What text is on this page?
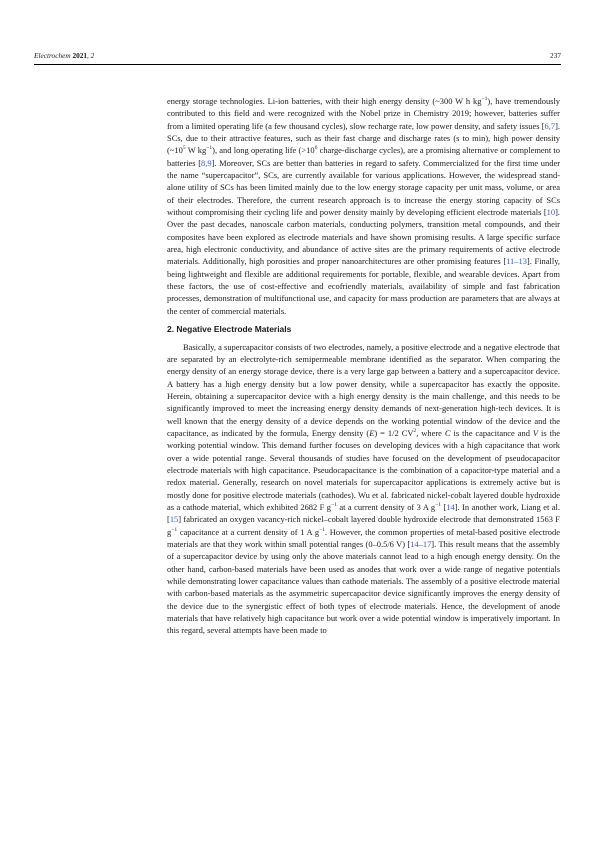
Electrochem 2021, 2	237

energy storage technologies. Li-ion batteries, with their high energy density (~300 W h $kg^{-1}$), have tremendously contributed to this field and were recognized with the Nobel prize in Chemistry 2019; however, batteries suffer from a limited operating life (a few thousand cycles), slow recharge rate, low power density, and safety issues [6,7]. SCs, due to their attractive features, such as their fast charge and discharge rates (s to min), high power density ($\sim 10^5$ W $kg^{-1}$), and long operating life ($>10^6$ charge-discharge cycles), are a promising alternative or complement to batteries [8,9]. Moreover, SCs are better than batteries in regard to safety. Commercialized for the first time under the name “supercapacitor”, SCs, are currently available for various applications. However, the widespread stand-alone utility of SCs has been limited mainly due to the low energy storage capacity per unit mass, volume, or area of their electrodes. Therefore, the current research approach is to increase the energy storing capacity of SCs without compromising their cycling life and power density mainly by developing efficient electrode materials [10]. Over the past decades, nanoscale carbon materials, conducting polymers, transition metal compounds, and their composites have been explored as electrode materials and have shown promising results. A large specific surface area, high electronic conductivity, and abundance of active sites are the primary requirements of active electrode materials. Additionally, high porosities and proper nanoarchitectures are other promising features [11–13]. Finally, being lightweight and flexible are additional requirements for portable, flexible, and wearable devices. Apart from these factors, the use of cost-effective and ecofriendly materials, availability of simple and fast fabrication processes, demonstration of multifunctional use, and capacity for mass production are parameters that are always at the center of commercial materials.

2. Negative Electrode Materials

Basically, a supercapacitor consists of two electrodes, namely, a positive electrode and a negative electrode that are separated by an electrolyte-rich semipermeable membrane identified as the separator. When comparing the energy density of an energy storage device, there is a very large gap between a battery and a supercapacitor device. A battery has a high energy density but a low power density, while a supercapacitor has exactly the opposite. Herein, obtaining a supercapacitor device with a high energy density is the main challenge, and this needs to be significantly improved to meet the increasing energy density demands of next-generation high-tech devices. It is well known that the energy density of a device depends on the working potential window of the device and the capacitance, as indicated by the formula, Energy density (E) = 1/2 $CV^2$, where C is the capacitance and V is the working potential window. This demand further focuses on developing devices with a high capacitance that work over a wide potential range. Several thousands of studies have focused on the development of pseudocapacitor electrode materials with high capacitance. Pseudocapacitance is the combination of a capacitor-type material and a redox material. Generally, research on novel materials for supercapacitor applications is extremely active but is mostly done for positive electrode materials (cathodes). Wu et al. fabricated nickel-cobalt layered double hydroxide as a cathode material, which exhibited 2682 F $g^{-1}$ at a current density of 3 A $g^{-1}$ [14]. In another work, Liang et al. [15] fabricated an oxygen vacancy-rich nickel–cobalt layered double hydroxide electrode that demonstrated 1563 F $g^{-1}$ capacitance at a current density of 1 A $g^{-1}$. However, the common properties of metal-based positive electrode materials are that they work within small potential ranges (0–0.5/6 V) [14–17]. This result means that the assembly of a supercapacitor device by using only the above materials cannot lead to a high enough energy density. On the other hand, carbon-based materials have been used as anodes that work over a wide range of negative potentials while demonstrating lower capacitance values than cathode materials. The assembly of a positive electrode material with carbon-based materials as the asymmetric supercapacitor device significantly improves the energy density of the device due to the synergistic effect of both types of electrode materials. Hence, the development of anode materials that have relatively high capacitance but work over a wide potential window is imperatively important. In this regard, several attempts have been made to
